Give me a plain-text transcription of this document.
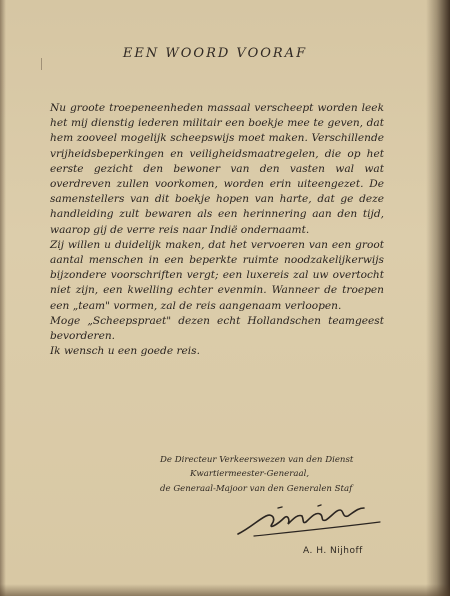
EEN WOORD VOORAF

Nu groote troepeneenheden massaal verscheept worden leek het mij dienstig iederen militair een boekje mee te geven, dat hem zooveel mogelijk scheepswijs moet maken. Verschillende vrijheidsbeperkingen en veiligheidsmaatregelen, die op het eerste gezicht den bewoner van den vasten wal wat overdreven zullen voorkomen, worden erin uiteengezet. De samenstellers van dit boekje hopen van harte, dat ge deze handleiding zult bewaren als een herinnering aan den tijd, waarop gij de verre reis naar Indië ondernaamt.

Zij willen u duidelijk maken, dat het vervoeren van een groot aantal menschen in een beperkte ruimte noodzakelijkerwijs bijzondere voorschriften vergt; een luxereis zal uw overtocht niet zijn, een kwelling echter evenmin. Wanneer de troepen een „team" vormen, zal de reis aangenaam verloopen.

Moge „Scheepspraet" dezen echt Hollandschen teamgeest bevorderen.

Ik wensch u een goede reis.

De Directeur Verkeerswezen van den Dienst
Kwartiermeester-Generaal,
de Generaal-Majoor van den Generalen Staf
A. H. Nijhoff
